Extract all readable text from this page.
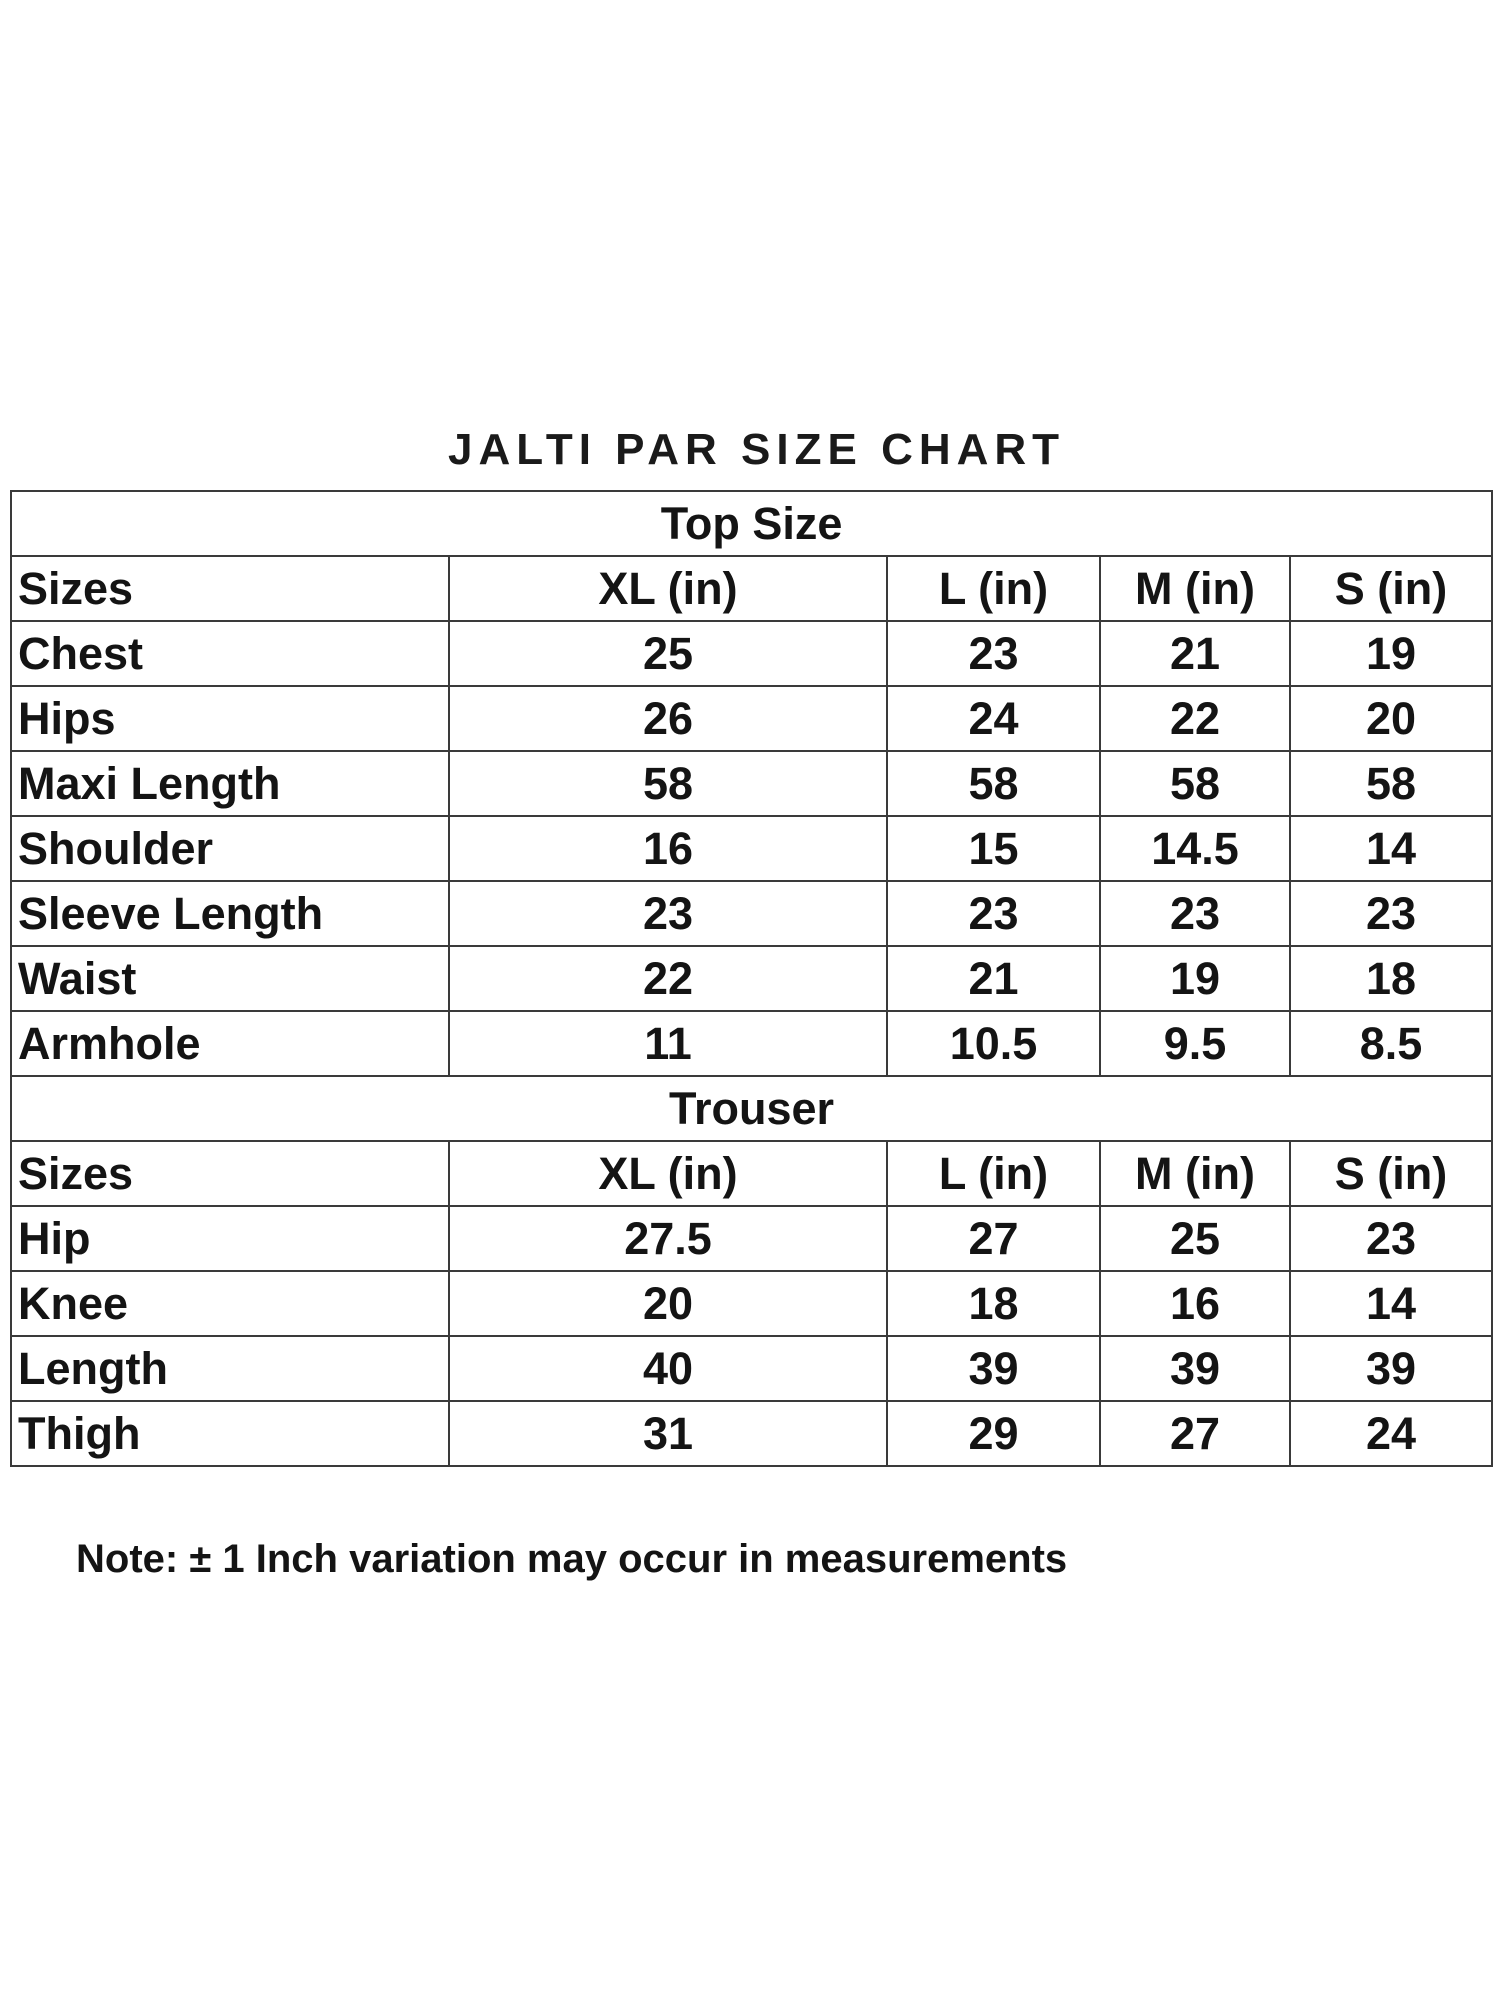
JALTI PAR SIZE CHART
Top Size				
Sizes	XL (in)	L (in)	M (in)	S (in)
Chest	25	23	21	19
Hips	26	24	22	20
Maxi Length	58	58	58	58
Shoulder	16	15	14.5	14
Sleeve Length	23	23	23	23
Waist	22	21	19	18
Armhole	11	10.5	9.5	8.5
Trouser				
Sizes	XL (in)	L (in)	M (in)	S (in)
Hip	27.5	27	25	23
Knee	20	18	16	14
Length	40	39	39	39
Thigh	31	29	27	24
Note: ± 1 Inch variation may occur in measurements
